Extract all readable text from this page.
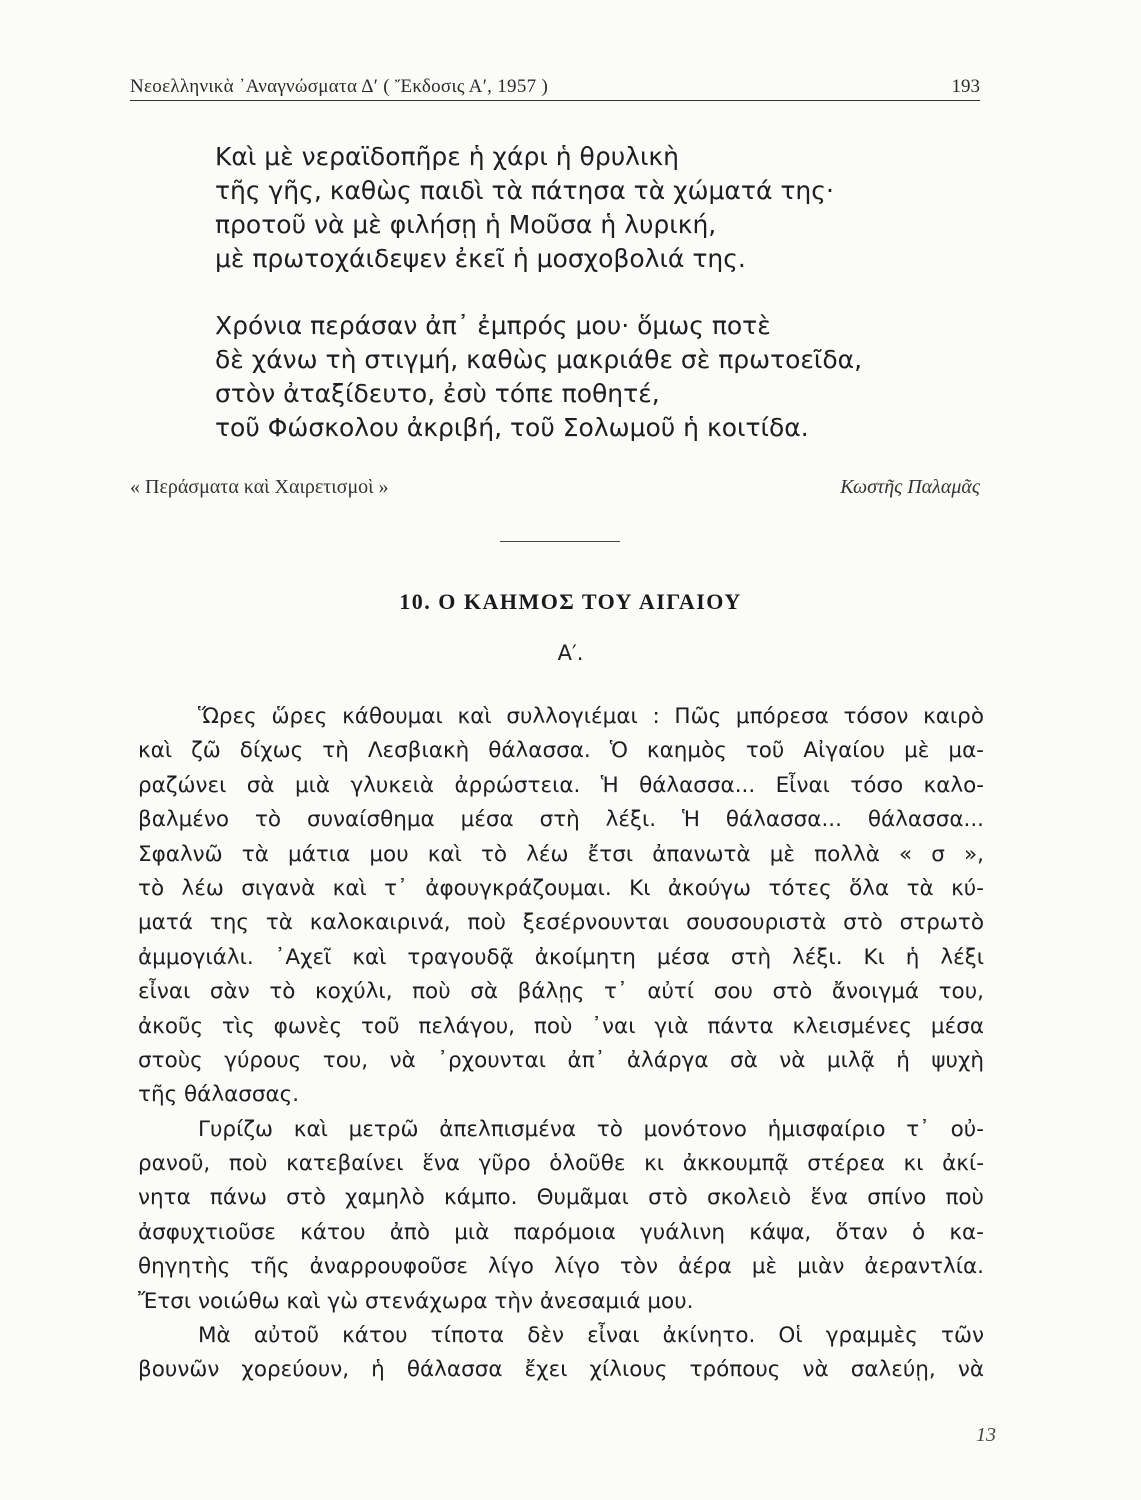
Νεοελληνικὰ ᾿Αναγνώσματα Δ′ ( Ἔκδοσις Α′, 1957 )	193
Καὶ μὲ νεραϊδοπῆρε ἡ χάρι ἡ θρυλικὴ
τῆς γῆς, καθὼς παιδὶ τὰ πάτησα τὰ χώματά της·
προτοῦ νὰ μὲ φιλήσῃ ἡ Μοῦσα ἡ λυρική,
μὲ πρωτοχάιδεψεν ἐκεῖ ἡ μοσχοβολιά της.
Χρόνια περάσαν ἀπ᾿ ἐμπρός μου· ὅμως ποτὲ
δὲ χάνω τὴ στιγμή, καθὼς μακριάθε σὲ πρωτοεῖδα,
στὸν ἀταξίδευτο, ἐσὺ τόπε ποθητέ,
τοῦ Φώσκολου ἀκριβή, τοῦ Σολωμοῦ ἡ κοιτίδα.
« Περάσματα καὶ Χαιρετισμοὶ »	Κωστῆς Παλαμᾶς
10. Ο ΚΑΗΜΟΣ ΤΟΥ ΑΙΓΑΙΟΥ
Α′.
Ὥρες ὥρες κάθουμαι καὶ συλλογιέμαι : Πῶς μπόρεσα τόσον καιρὸ
καὶ ζῶ δίχως τὴ Λεσβιακὴ θάλασσα. Ὁ καημὸς τοῦ Αἰγαίου μὲ μα-
ραζώνει σὰ μιὰ γλυκειὰ ἀρρώστεια. Ἡ θάλασσα... Εἶναι τόσο καλο-
βαλμένο τὸ συναίσθημα μέσα στὴ λέξι. Ἡ θάλασσα... θάλασσα...
Σφαλνῶ τὰ μάτια μου καὶ τὸ λέω ἔτσι ἀπανωτὰ μὲ πολλὰ « σ »,
τὸ λέω σιγανὰ καὶ τ᾿ ἀφουγκράζουμαι. Κι ἀκούγω τότες ὅλα τὰ κύ-
ματά της τὰ καλοκαιρινά, ποὺ ξεσέρνουνται σουσουριστὰ στὸ στρωτὸ
ἀμμογιάλι. ᾿Αχεῖ καὶ τραγουδᾷ ἀκοίμητη μέσα στὴ λέξι. Κι ἡ λέξι
εἶναι σὰν τὸ κοχύλι, ποὺ σὰ βάλῃς τ᾿ αὐτί σου στὸ ἄνοιγμά του,
ἀκοῦς τὶς φωνὲς τοῦ πελάγου, ποὺ ᾿ναι γιὰ πάντα κλεισμένες μέσα
στοὺς γύρους του, νὰ ᾿ρχουνται ἀπ᾿ ἀλάργα σὰ νὰ μιλᾷ ἡ ψυχὴ
τῆς θάλασσας.
Γυρίζω καὶ μετρῶ ἀπελπισμένα τὸ μονότονο ἡμισφαίριο τ᾿ οὐ-
ρανοῦ, ποὺ κατεβαίνει ἕνα γῦρο ὁλοῦθε κι ἀκκουμπᾷ στέρεα κι ἀκί-
νητα πάνω στὸ χαμηλὸ κάμπο. Θυμᾶμαι στὸ σκολειὸ ἕνα σπίνο ποὺ
ἀσφυχτιοῦσε κάτου ἀπὸ μιὰ παρόμοια γυάλινη κάψα, ὅταν ὁ κα-
θηγητὴς τῆς ἀναρρουφοῦσε λίγο λίγο τὸν ἀέρα μὲ μιὰν ἀεραντλία.
Ἔτσι νοιώθω καὶ γὼ στενάχωρα τὴν ἀνεσαμιά μου.
Μὰ αὐτοῦ κάτου τίποτα δὲν εἶναι ἀκίνητο. Οἱ γραμμὲς τῶν
βουνῶν χορεύουν, ἡ θάλασσα ἔχει χίλιους τρόπους νὰ σαλεύῃ, νὰ
13
